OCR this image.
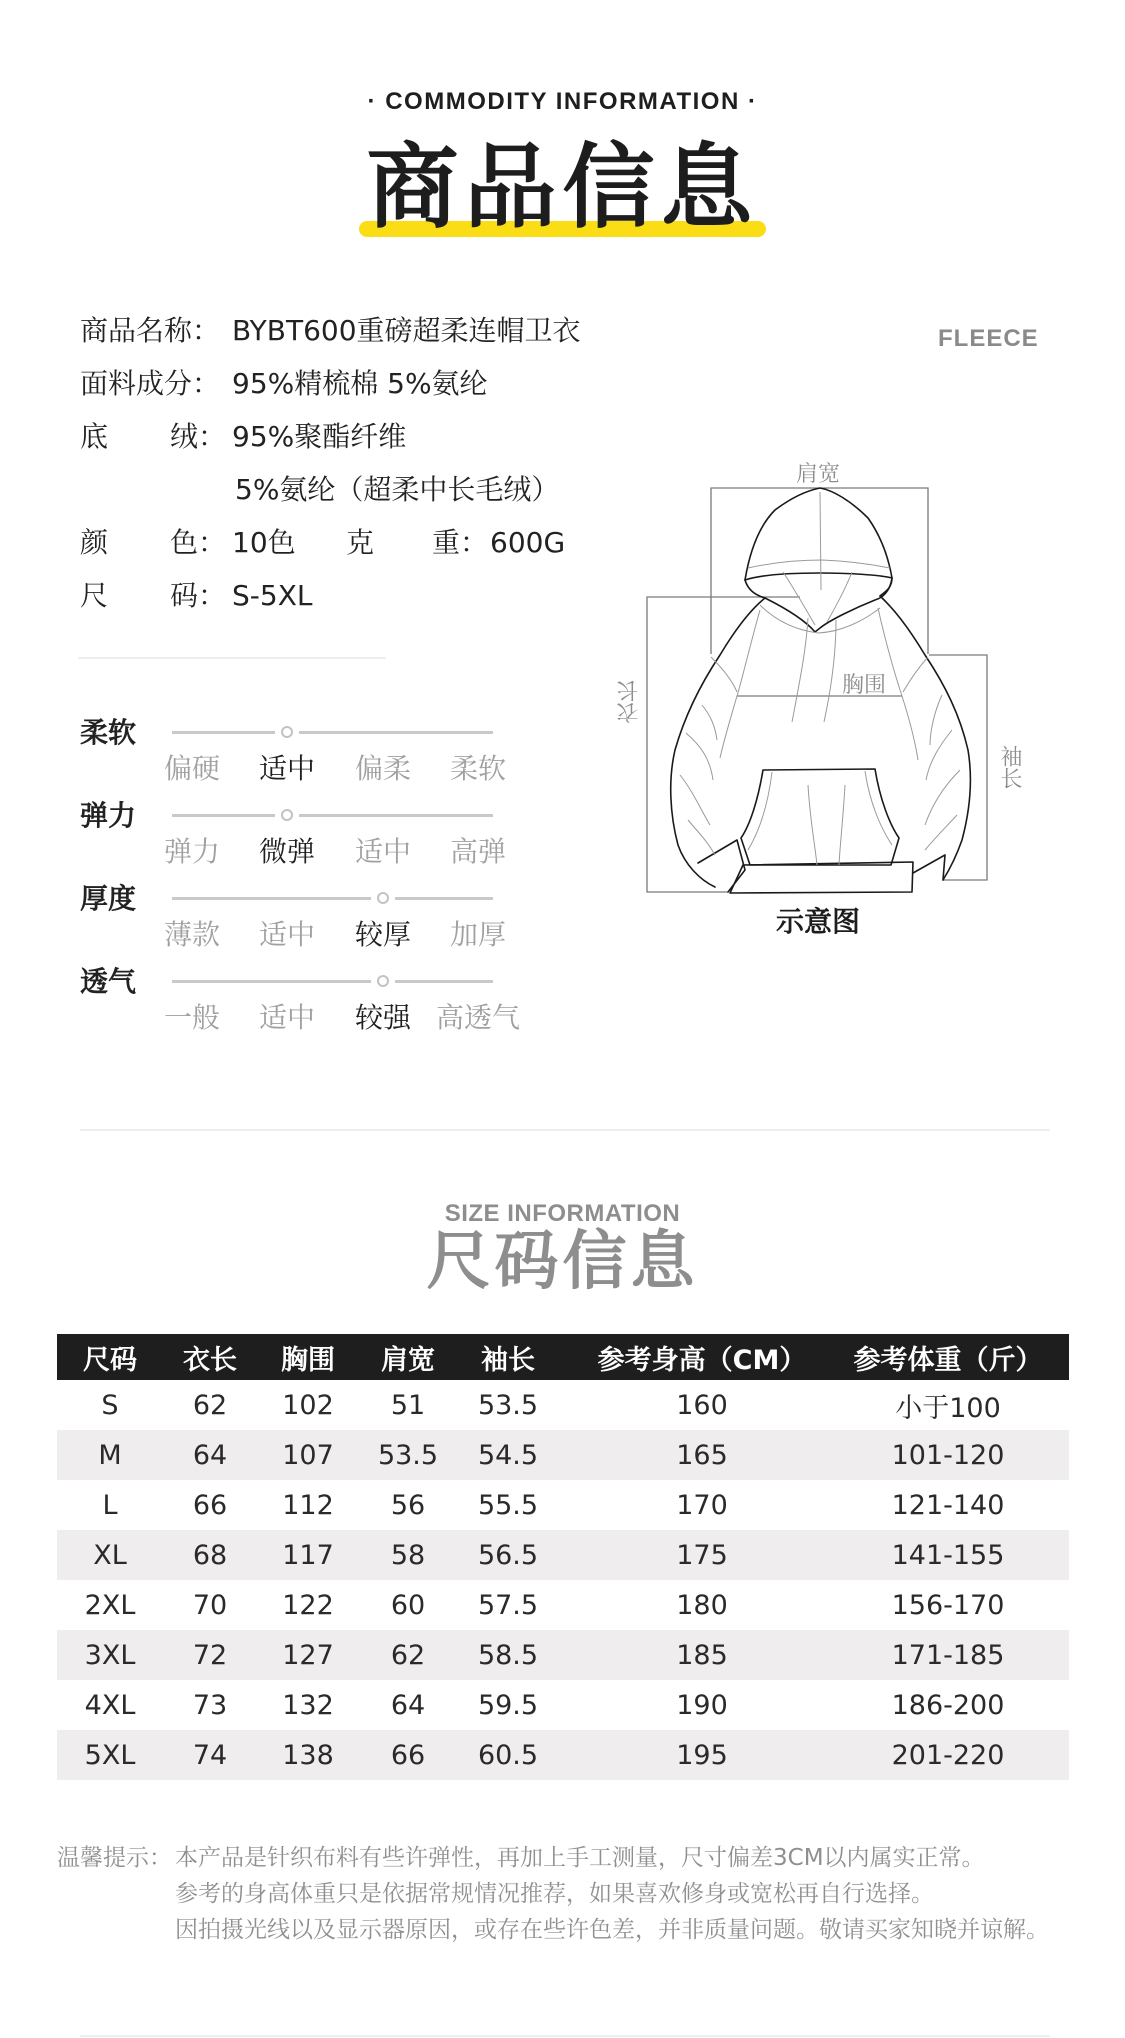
· COMMODITY INFORMATION ·
商品信息
FLEECE
商品名称： BYBT600重磅超柔连帽卫衣
面料成分： 95%精梳棉 5%氨纶
底 绒： 95%聚酯纤维
5%氨纶（超柔中长毛绒）
颜 色： 10色 克 重： 600G
尺 码： S-5XL
柔软
偏硬	适中	偏柔	柔软
弹力
弹力	微弹	适中	高弹
厚度
薄款	适中	较厚	加厚
透气
一般	适中	较强 高透气
肩宽
胸围
衣长
袖长
示意图
SIZE INFORMATION
尺码信息
尺码	衣长	胸围	肩宽	袖长	参考身高（CM）	参考体重（斤）
S	62	102	51	53.5	160	小于100
M	64	107	53.5	54.5	165	101-120
L	66	112	56	55.5	170	121-140
XL	68	117	58	56.5	175	141-155
2XL	70	122	60	57.5	180	156-170
3XL	72	127	62	58.5	185	171-185
4XL	73	132	64	59.5	190	186-200
5XL	74	138	66	60.5	195	201-220
温馨提示： 本产品是针织布料有些许弹性，再加上手工测量，尺寸偏差3CM以内属实正常。
参考的身高体重只是依据常规情况推荐，如果喜欢修身或宽松再自行选择。
因拍摄光线以及显示器原因，或存在些许色差，并非质量问题。敬请买家知晓并谅解。
